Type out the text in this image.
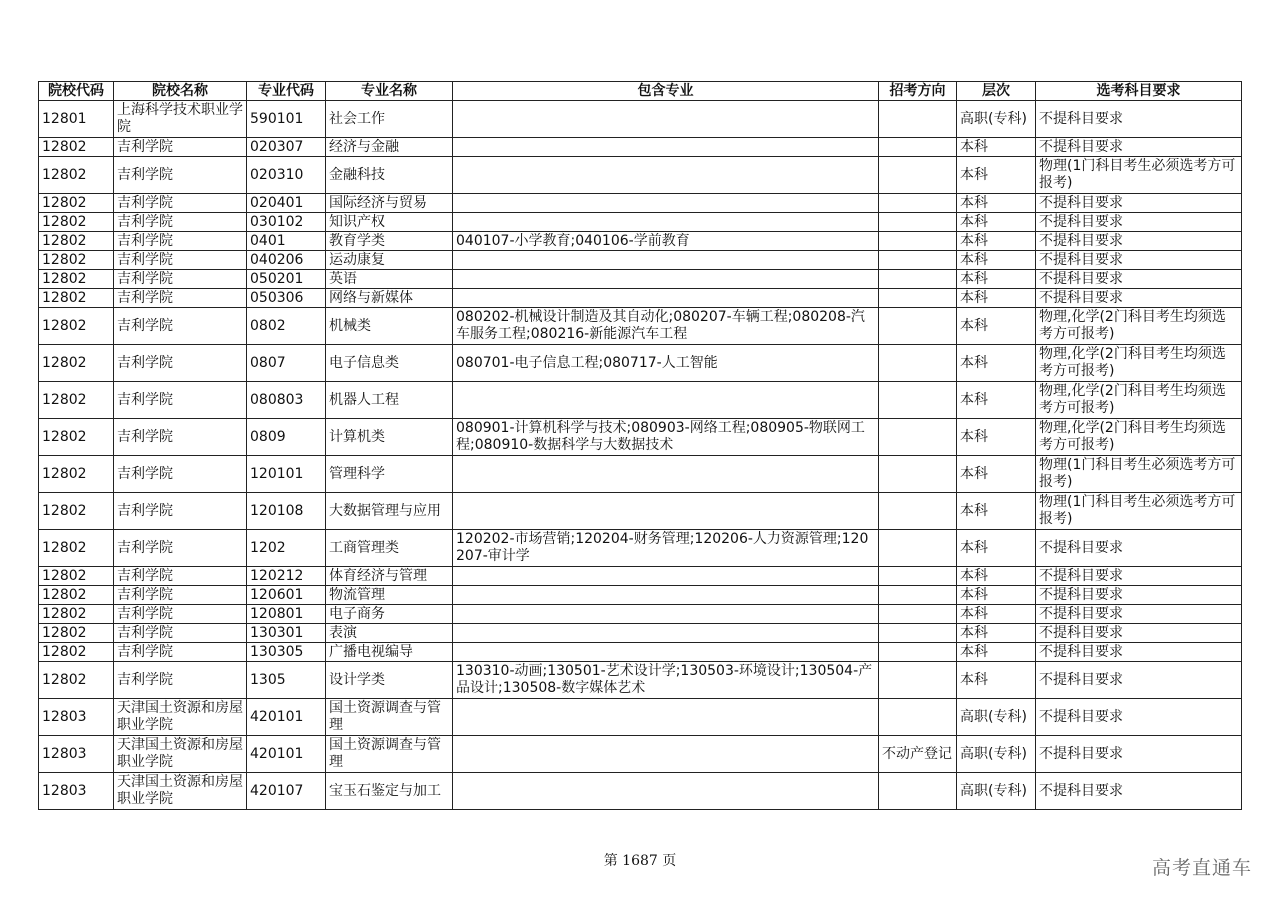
院校代码	院校名称	专业代码	专业名称	包含专业	招考方向	层次	选考科目要求
12801	上海科学技术职业学院	590101	社会工作			高职(专科)	不提科目要求
12802	吉利学院	020307	经济与金融			本科	不提科目要求
12802	吉利学院	020310	金融科技			本科	物理(1门科目考生必须选考方可报考)
12802	吉利学院	020401	国际经济与贸易			本科	不提科目要求
12802	吉利学院	030102	知识产权			本科	不提科目要求
12802	吉利学院	0401	教育学类	040107-小学教育;040106-学前教育		本科	不提科目要求
12802	吉利学院	040206	运动康复			本科	不提科目要求
12802	吉利学院	050201	英语			本科	不提科目要求
12802	吉利学院	050306	网络与新媒体			本科	不提科目要求
12802	吉利学院	0802	机械类	080202-机械设计制造及其自动化;080207-车辆工程;080208-汽车服务工程;080216-新能源汽车工程		本科	物理,化学(2门科目考生均须选考方可报考)
12802	吉利学院	0807	电子信息类	080701-电子信息工程;080717-人工智能		本科	物理,化学(2门科目考生均须选考方可报考)
12802	吉利学院	080803	机器人工程			本科	物理,化学(2门科目考生均须选考方可报考)
12802	吉利学院	0809	计算机类	080901-计算机科学与技术;080903-网络工程;080905-物联网工程;080910-数据科学与大数据技术		本科	物理,化学(2门科目考生均须选考方可报考)
12802	吉利学院	120101	管理科学			本科	物理(1门科目考生必须选考方可报考)
12802	吉利学院	120108	大数据管理与应用			本科	物理(1门科目考生必须选考方可报考)
12802	吉利学院	1202	工商管理类	120202-市场营销;120204-财务管理;120206-人力资源管理;120207-审计学		本科	不提科目要求
12802	吉利学院	120212	体育经济与管理			本科	不提科目要求
12802	吉利学院	120601	物流管理			本科	不提科目要求
12802	吉利学院	120801	电子商务			本科	不提科目要求
12802	吉利学院	130301	表演			本科	不提科目要求
12802	吉利学院	130305	广播电视编导			本科	不提科目要求
12802	吉利学院	1305	设计学类	130310-动画;130501-艺术设计学;130503-环境设计;130504-产品设计;130508-数字媒体艺术		本科	不提科目要求
12803	天津国土资源和房屋职业学院	420101	国土资源调查与管理			高职(专科)	不提科目要求
12803	天津国土资源和房屋职业学院	420101	国土资源调查与管理		不动产登记	高职(专科)	不提科目要求
12803	天津国土资源和房屋职业学院	420107	宝玉石鉴定与加工			高职(专科)	不提科目要求
第 1687 页	高考直通车
